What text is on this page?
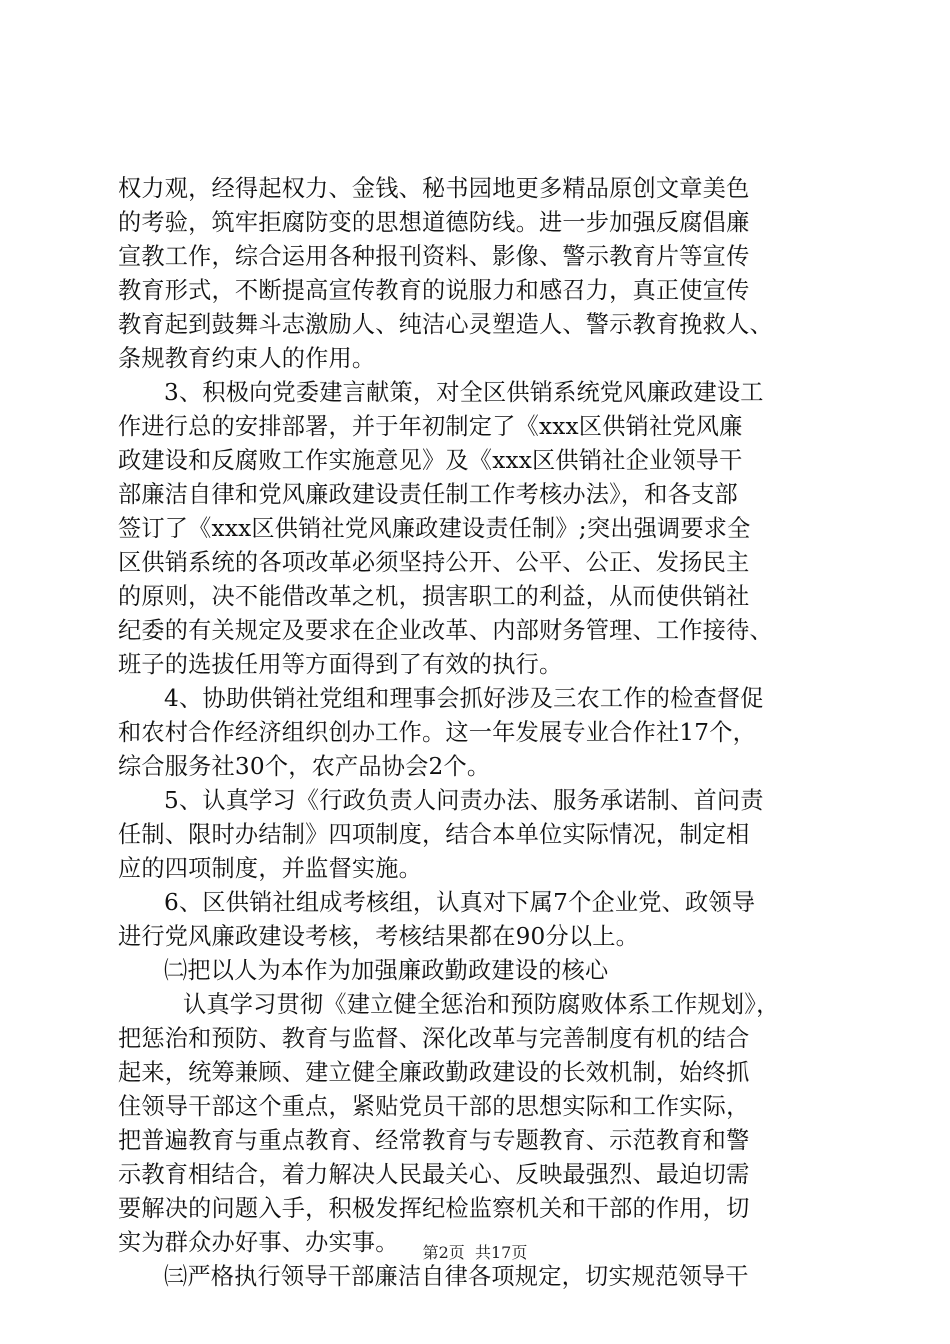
权力观，经得起权力、金钱、秘书园地更多精品原创文章美色
的考验，筑牢拒腐防变的思想道德防线。进一步加强反腐倡廉
宣教工作，综合运用各种报刊资料、影像、警示教育片等宣传
教育形式，不断提高宣传教育的说服力和感召力，真正使宣传
教育起到鼓舞斗志激励人、纯洁心灵塑造人、警示教育挽救人、
条规教育约束人的作用。
3、积极向党委建言献策，对全区供销系统党风廉政建设工
作进行总的安排部署，并于年初制定了《xxx区供销社党风廉
政建设和反腐败工作实施意见》及《xxx区供销社企业领导干
部廉洁自律和党风廉政建设责任制工作考核办法》，和各支部
签订了《xxx区供销社党风廉政建设责任制》;突出强调要求全
区供销系统的各项改革必须坚持公开、公平、公正、发扬民主
的原则，决不能借改革之机，损害职工的利益，从而使供销社
纪委的有关规定及要求在企业改革、内部财务管理、工作接待、
班子的选拔任用等方面得到了有效的执行。
4、协助供销社党组和理事会抓好涉及三农工作的检查督促
和农村合作经济组织创办工作。这一年发展专业合作社17个，
综合服务社30个，农产品协会2个。
5、认真学习《行政负责人问责办法、服务承诺制、首问责
任制、限时办结制》四项制度，结合本单位实际情况，制定相
应的四项制度，并监督实施。
6、区供销社组成考核组，认真对下属7个企业党、政领导
进行党风廉政建设考核，考核结果都在90分以上。
㈡把以人为本作为加强廉政勤政建设的核心
认真学习贯彻《建立健全惩治和预防腐败体系工作规划》，
把惩治和预防、教育与监督、深化改革与完善制度有机的结合
起来，统筹兼顾、建立健全廉政勤政建设的长效机制，始终抓
住领导干部这个重点，紧贴党员干部的思想实际和工作实际，
把普遍教育与重点教育、经常教育与专题教育、示范教育和警
示教育相结合，着力解决人民最关心、反映最强烈、最迫切需
要解决的问题入手，积极发挥纪检监察机关和干部的作用，切
实为群众办好事、办实事。
㈢严格执行领导干部廉洁自律各项规定，切实规范领导干
第2页 共17页
